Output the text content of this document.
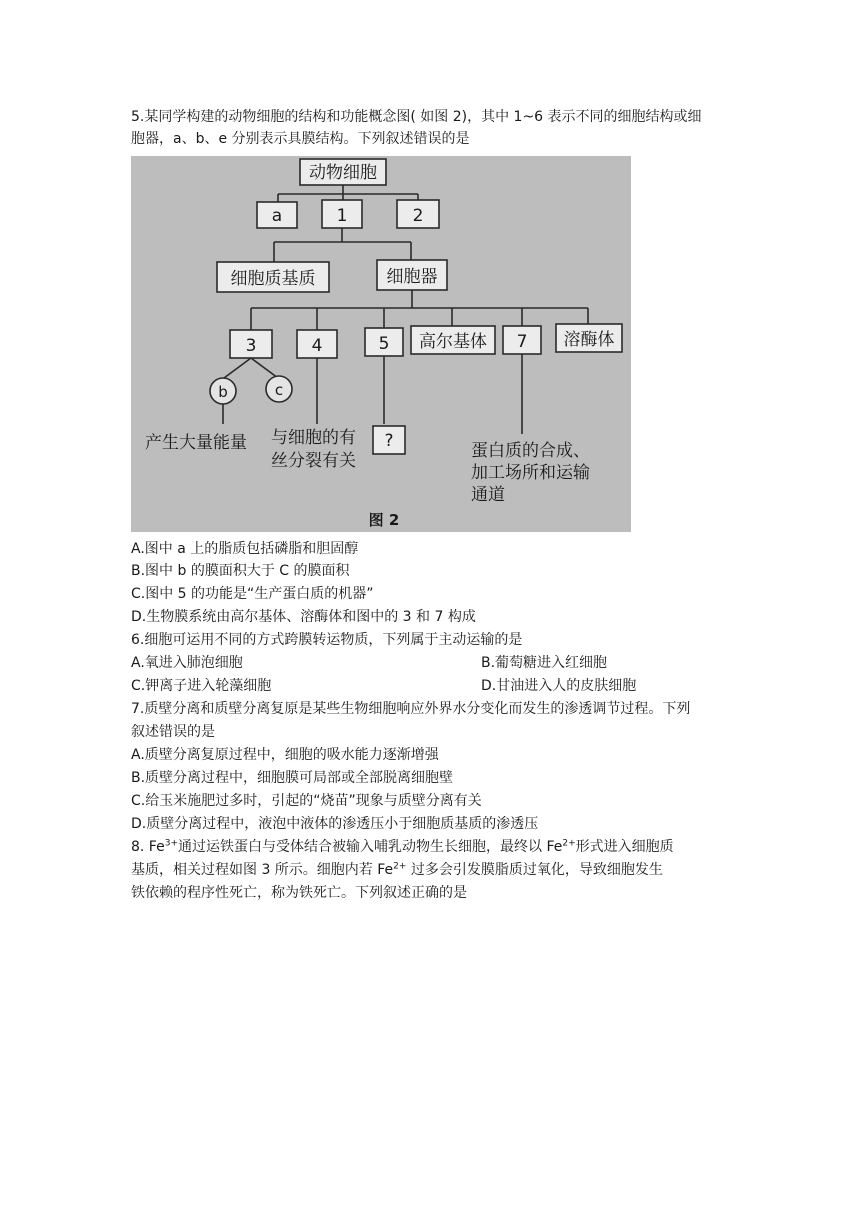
5.某同学构建的动物细胞的结构和功能概念图( 如图 2)，其中 1~6 表示不同的细胞结构或细
胞器，a、b、e 分别表示具膜结构。下列叙述错误的是
动物细胞
a	1	2
细胞质基质	细胞器
3	4	5 高尔基体 7 溶酶体
b	c
产生大量能量 与细胞的有
丝分裂有关
?	蛋白质的合成、
加工场所和运输
通道
图 2
A.图中 a 上的脂质包括磷脂和胆固醇
B.图中 b 的膜面积大于 C 的膜面积
C.图中 5 的功能是“生产蛋白质的机器”
D.生物膜系统由高尔基体、溶酶体和图中的 3 和 7 构成
6.细胞可运用不同的方式跨膜转运物质，下列属于主动运输的是
A.氧进入肺泡细胞	B.葡萄糖进入红细胞
C.钾离子进入轮藻细胞	D.甘油进入人的皮肤细胞
7.质壁分离和质壁分离复原是某些生物细胞响应外界水分变化而发生的渗透调节过程。下列
叙述错误的是
A.质壁分离复原过程中，细胞的吸水能力逐渐增强
B.质壁分离过程中，细胞膜可局部或全部脱离细胞壁
C.给玉米施肥过多时，引起的“烧苗”现象与质壁分离有关
D.质壁分离过程中，液泡中液体的渗透压小于细胞质基质的渗透压
8. $Fe^{3+}$通过运铁蛋白与受体结合被输入哺乳动物生长细胞，最终以 $Fe^{2+}$形式进入细胞质
基质，相关过程如图 3 所示。细胞内若 $Fe^{2+}$ 过多会引发膜脂质过氧化，导致细胞发生
铁依赖的程序性死亡，称为铁死亡。下列叙述正确的是
